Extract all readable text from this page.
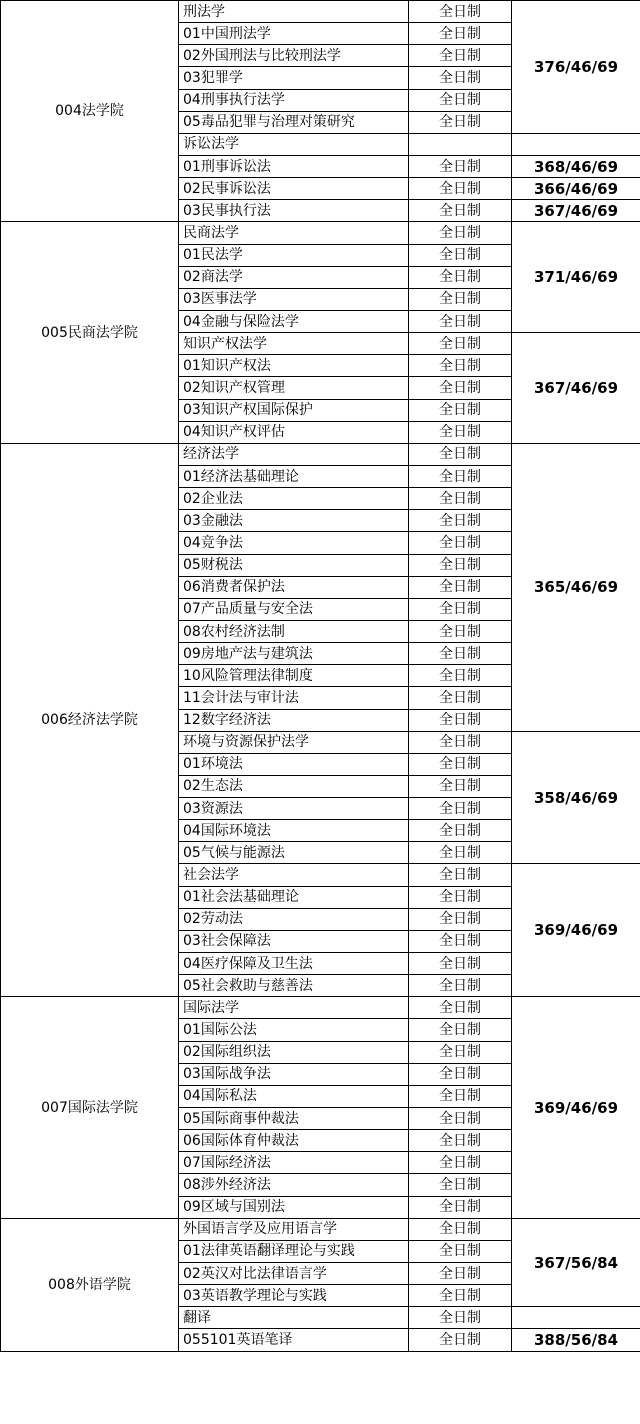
004法学院	刑法学	全日制	376/46/69
	01中国刑法学	全日制	
	02外国刑法与比较刑法学	全日制	
	03犯罪学	全日制	
	04刑事执行法学	全日制	
	05毒品犯罪与治理对策研究	全日制	
	诉讼法学		
	01刑事诉讼法	全日制	368/46/69
	02民事诉讼法	全日制	366/46/69
	03民事执行法	全日制	367/46/69
005民商法学院	民商法学	全日制	371/46/69
	01民法学	全日制	
	02商法学	全日制	
	03医事法学	全日制	
	04金融与保险法学	全日制	
	知识产权法学	全日制	367/46/69
	01知识产权法	全日制	
	02知识产权管理	全日制	
	03知识产权国际保护	全日制	
	04知识产权评估	全日制	
006经济法学院	经济法学	全日制	365/46/69
	01经济法基础理论	全日制	
	02企业法	全日制	
	03金融法	全日制	
	04竞争法	全日制	
	05财税法	全日制	
	06消费者保护法	全日制	
	07产品质量与安全法	全日制	
	08农村经济法制	全日制	
	09房地产法与建筑法	全日制	
	10风险管理法律制度	全日制	
	11会计法与审计法	全日制	
	12数字经济法	全日制	
	环境与资源保护法学	全日制	358/46/69
	01环境法	全日制	
	02生态法	全日制	
	03资源法	全日制	
	04国际环境法	全日制	
	05气候与能源法	全日制	
	社会法学	全日制	369/46/69
	01社会法基础理论	全日制	
	02劳动法	全日制	
	03社会保障法	全日制	
	04医疗保障及卫生法	全日制	
	05社会救助与慈善法	全日制	
007国际法学院	国际法学	全日制	369/46/69
	01国际公法	全日制	
	02国际组织法	全日制	
	03国际战争法	全日制	
	04国际私法	全日制	
	05国际商事仲裁法	全日制	
	06国际体育仲裁法	全日制	
	07国际经济法	全日制	
	08涉外经济法	全日制	
	09区域与国别法	全日制	
008外语学院	外国语言学及应用语言学	全日制	367/56/84
	01法律英语翻译理论与实践	全日制	
	02英汉对比法律语言学	全日制	
	03英语教学理论与实践	全日制	
	翻译	全日制	
	055101英语笔译	全日制	388/56/84
